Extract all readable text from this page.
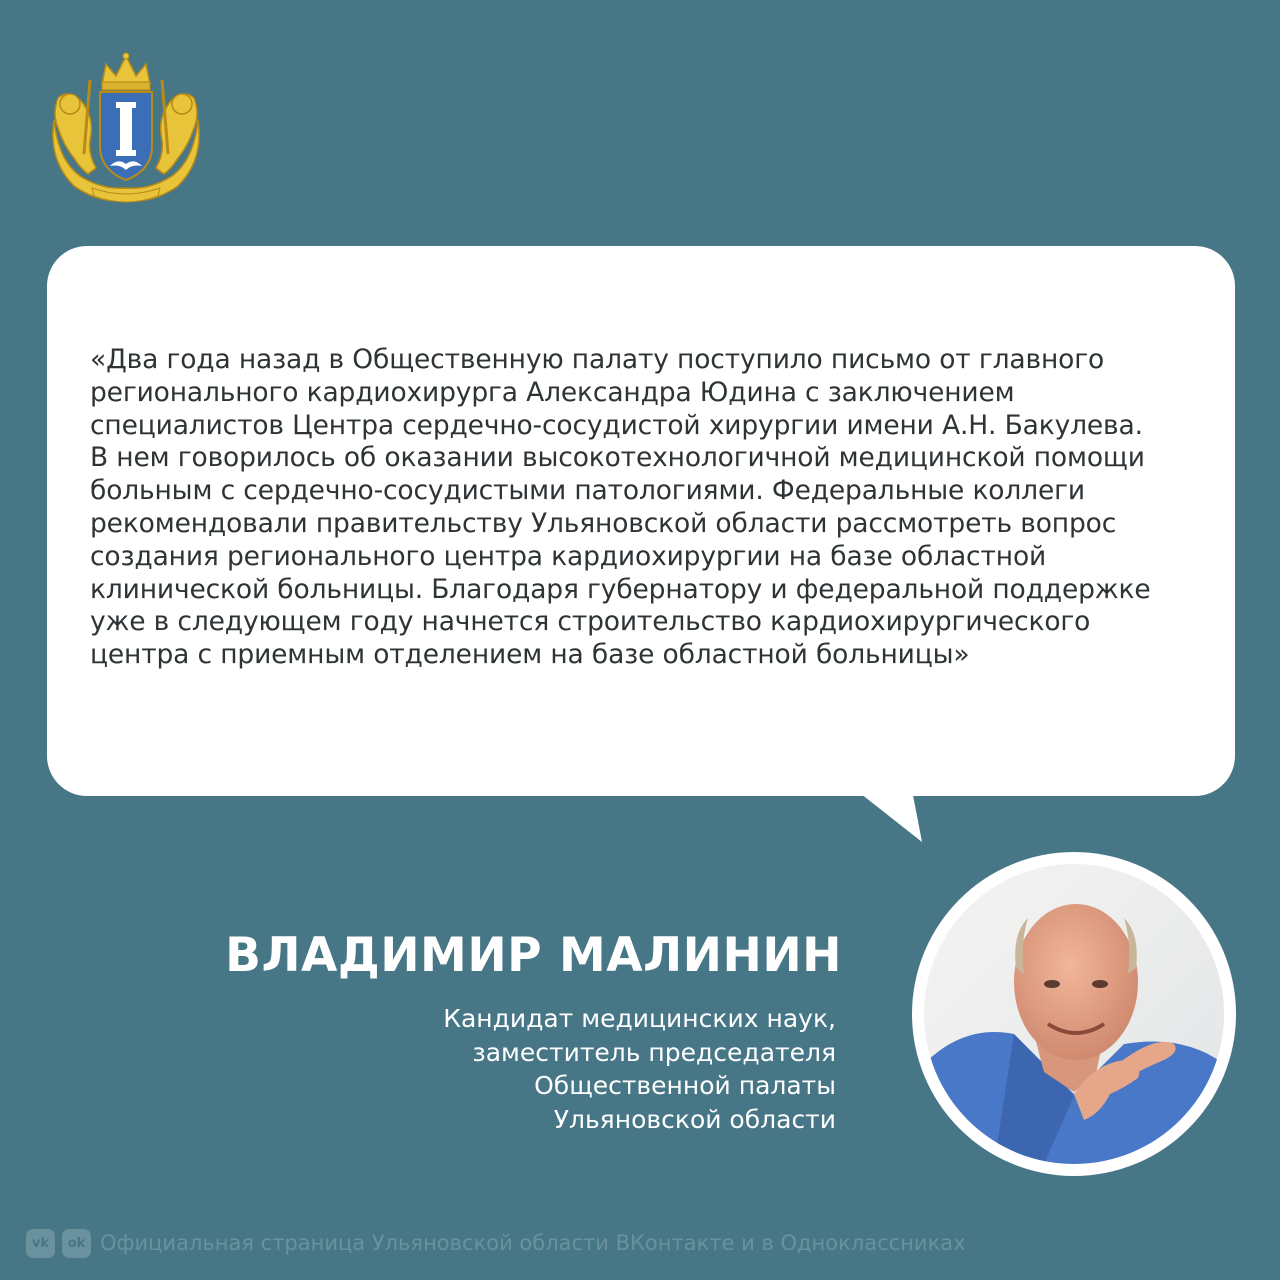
«Два года назад в Общественную палату поступило письмо от главного
регионального кардиохирурга Александра Юдина с заключением
специалистов Центра сердечно-сосудистой хирургии имени А.Н. Бакулева.
В нем говорилось об оказании высокотехнологичной медицинской помощи
больным с сердечно-сосудистыми патологиями. Федеральные коллеги
рекомендовали правительству Ульяновской области рассмотреть вопрос
создания регионального центра кардиохирургии на базе областной
клинической больницы. Благодаря губернатору и федеральной поддержке
уже в следующем году начнется строительство кардиохирургического
центра с приемным отделением на базе областной больницы»

ВЛАДИМИР МАЛИНИН

Кандидат медицинских наук,
заместитель председателя
Общественной палаты
Ульяновской области

vk	ok Официальная страница Ульяновской области ВКонтакте и в Одноклассниках
